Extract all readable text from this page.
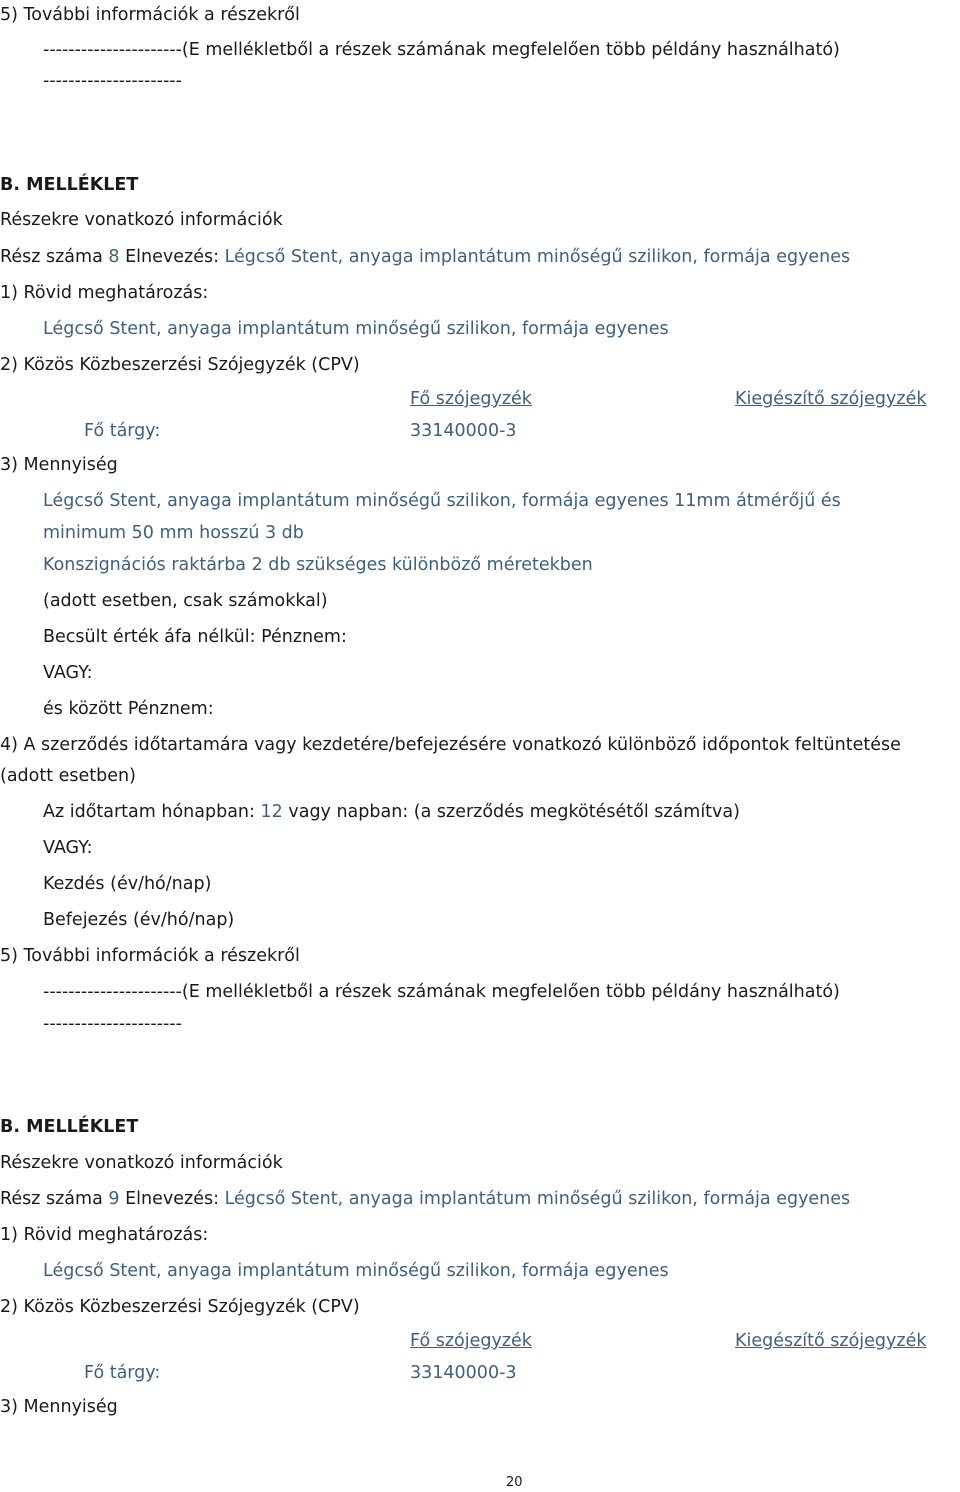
5) További információk a részekről
----------------------(E mellékletből a részek számának megfelelően több példány használható)
----------------------
B. MELLÉKLET
Részekre vonatkozó információk
Rész száma 8 Elnevezés: Légcső Stent, anyaga implantátum minőségű szilikon, formája egyenes
1) Rövid meghatározás:
Légcső Stent, anyaga implantátum minőségű szilikon, formája egyenes
2) Közös Közbeszerzési Szójegyzék (CPV)
Fő szójegyzék	Kiegészítő szójegyzék
Fő tárgy:	33140000-3
3) Mennyiség
Légcső Stent, anyaga implantátum minőségű szilikon, formája egyenes 11mm átmérőjű és
minimum 50 mm hosszú 3 db
Konszignációs raktárba 2 db szükséges különböző méretekben
(adott esetben, csak számokkal)
Becsült érték áfa nélkül: Pénznem:
VAGY:
és között Pénznem:
4) A szerződés időtartamára vagy kezdetére/befejezésére vonatkozó különböző időpontok feltüntetése
(adott esetben)
Az időtartam hónapban: 12 vagy napban: (a szerződés megkötésétől számítva)
VAGY:
Kezdés (év/hó/nap)
Befejezés (év/hó/nap)
5) További információk a részekről
----------------------(E mellékletből a részek számának megfelelően több példány használható)
----------------------
B. MELLÉKLET
Részekre vonatkozó információk
Rész száma 9 Elnevezés: Légcső Stent, anyaga implantátum minőségű szilikon, formája egyenes
1) Rövid meghatározás:
Légcső Stent, anyaga implantátum minőségű szilikon, formája egyenes
2) Közös Közbeszerzési Szójegyzék (CPV)
Fő szójegyzék	Kiegészítő szójegyzék
Fő tárgy:	33140000-3
3) Mennyiség
20
